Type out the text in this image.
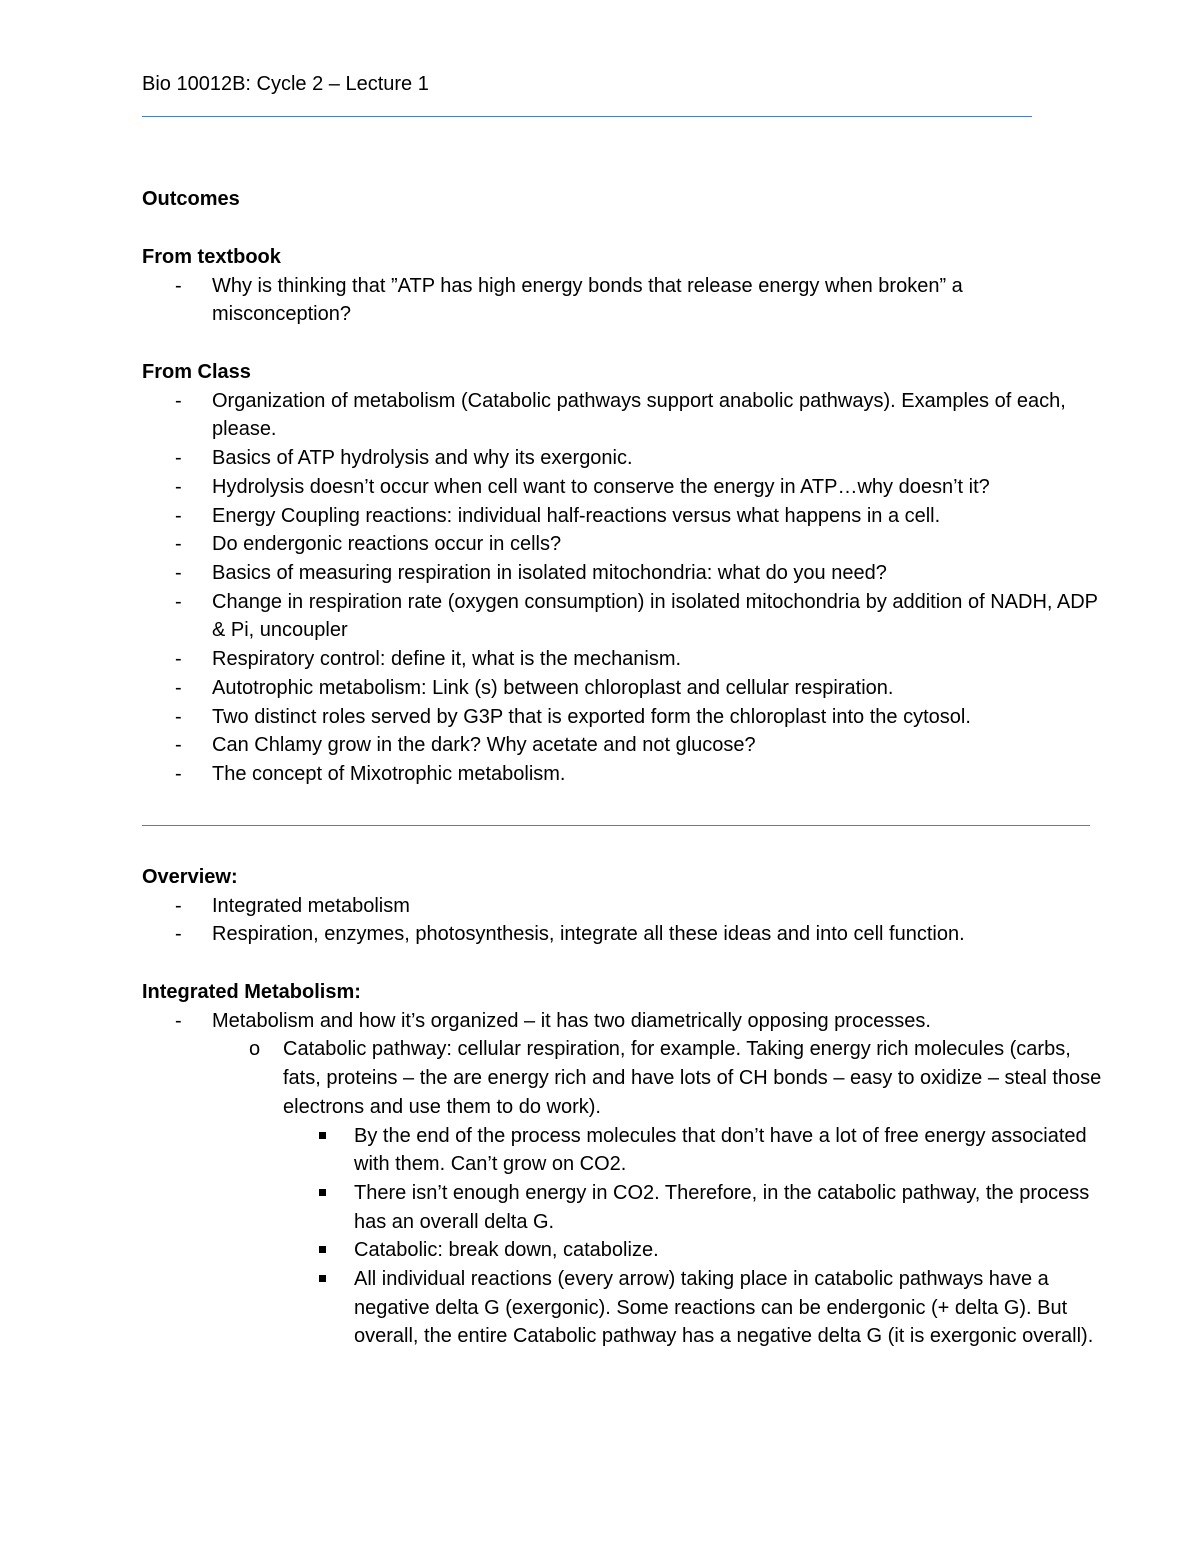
Bio 10012B: Cycle 2 – Lecture 1

Outcomes

From textbook

- Why is thinking that ”ATP has high energy bonds that release energy when broken” a misconception?

From Class

- Organization of metabolism (Catabolic pathways support anabolic pathways). Examples of each, please.
- Basics of ATP hydrolysis and why its exergonic.
- Hydrolysis doesn’t occur when cell want to conserve the energy in ATP…why doesn’t it?
- Energy Coupling reactions: individual half-reactions versus what happens in a cell.
- Do endergonic reactions occur in cells?
- Basics of measuring respiration in isolated mitochondria: what do you need?
- Change in respiration rate (oxygen consumption) in isolated mitochondria by addition of NADH, ADP & Pi, uncoupler
- Respiratory control: define it, what is the mechanism.
- Autotrophic metabolism: Link (s) between chloroplast and cellular respiration.
- Two distinct roles served by G3P that is exported form the chloroplast into the cytosol.
- Can Chlamy grow in the dark? Why acetate and not glucose?
- The concept of Mixotrophic metabolism.

Overview:

- Integrated metabolism
- Respiration, enzymes, photosynthesis, integrate all these ideas and into cell function.

Integrated Metabolism:

- Metabolism and how it’s organized – it has two diametrically opposing processes.
o Catabolic pathway: cellular respiration, for example. Taking energy rich molecules (carbs, fats, proteins – the are energy rich and have lots of CH bonds – easy to oxidize – steal those electrons and use them to do work).
By the end of the process molecules that don’t have a lot of free energy associated with them. Can’t grow on CO2.
There isn’t enough energy in CO2. Therefore, in the catabolic pathway, the process has an overall delta G.
Catabolic: break down, catabolize.
All individual reactions (every arrow) taking place in catabolic pathways have a negative delta G (exergonic). Some reactions can be endergonic (+ delta G). But overall, the entire Catabolic pathway has a negative delta G (it is exergonic overall).
